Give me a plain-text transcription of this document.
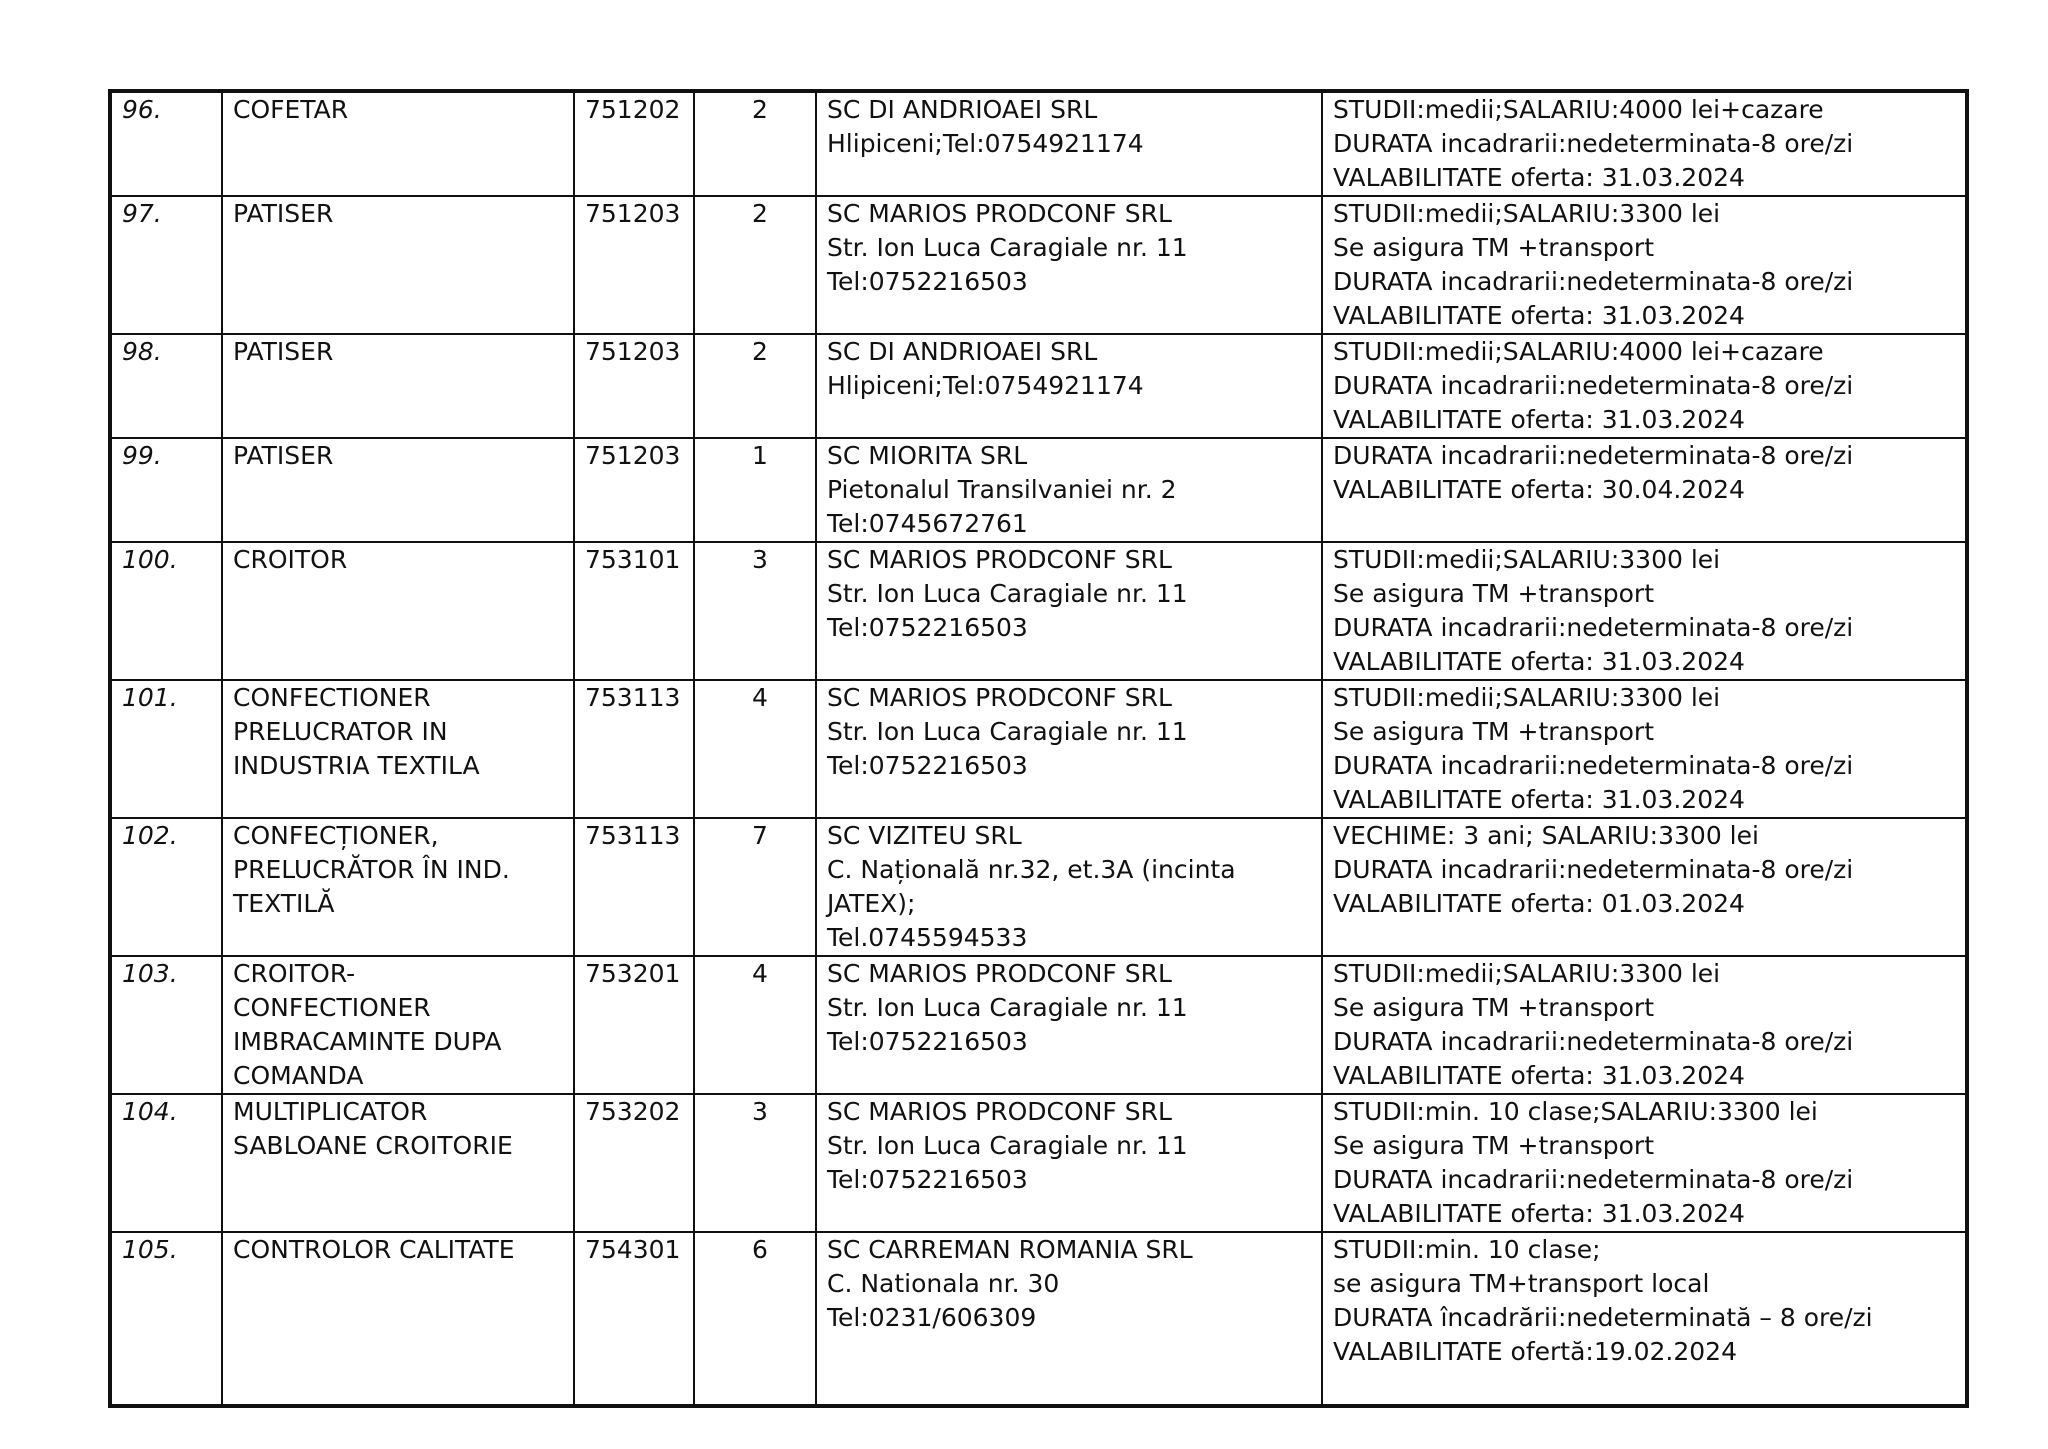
96.	COFETAR	751202	2	SC DI ANDRIOAEI SRL
Hlipiceni;Tel:0754921174	STUDII:medii;SALARIU:4000 lei+cazare
DURATA incadrarii:nedeterminata-8 ore/zi
VALABILITATE oferta: 31.03.2024

97.	PATISER	751203	2	SC MARIOS PRODCONF SRL
Str. Ion Luca Caragiale nr. 11
Tel:0752216503	STUDII:medii;SALARIU:3300 lei
Se asigura TM +transport
DURATA incadrarii:nedeterminata-8 ore/zi
VALABILITATE oferta: 31.03.2024

98.	PATISER	751203	2	SC DI ANDRIOAEI SRL
Hlipiceni;Tel:0754921174	STUDII:medii;SALARIU:4000 lei+cazare
DURATA incadrarii:nedeterminata-8 ore/zi
VALABILITATE oferta: 31.03.2024

99.	PATISER	751203	1	SC MIORITA SRL
Pietonalul Transilvaniei nr. 2
Tel:0745672761	DURATA incadrarii:nedeterminata-8 ore/zi
VALABILITATE oferta: 30.04.2024

100.	CROITOR	753101	3	SC MARIOS PRODCONF SRL
Str. Ion Luca Caragiale nr. 11
Tel:0752216503	STUDII:medii;SALARIU:3300 lei
Se asigura TM +transport
DURATA incadrarii:nedeterminata-8 ore/zi
VALABILITATE oferta: 31.03.2024

101.	CONFECTIONER
PRELUCRATOR IN
INDUSTRIA TEXTILA	753113	4	SC MARIOS PRODCONF SRL
Str. Ion Luca Caragiale nr. 11
Tel:0752216503	STUDII:medii;SALARIU:3300 lei
Se asigura TM +transport
DURATA incadrarii:nedeterminata-8 ore/zi
VALABILITATE oferta: 31.03.2024

102.	CONFECȚIONER,
PRELUCRĂTOR ÎN IND.
TEXTILĂ	753113	7	SC VIZITEU SRL
C. Națională nr.32, et.3A (incinta
JATEX);
Tel.0745594533	VECHIME: 3 ani; SALARIU:3300 lei
DURATA incadrarii:nedeterminata-8 ore/zi
VALABILITATE oferta: 01.03.2024

103.	CROITOR-
CONFECTIONER
IMBRACAMINTE DUPA
COMANDA	753201	4	SC MARIOS PRODCONF SRL
Str. Ion Luca Caragiale nr. 11
Tel:0752216503	STUDII:medii;SALARIU:3300 lei
Se asigura TM +transport
DURATA incadrarii:nedeterminata-8 ore/zi
VALABILITATE oferta: 31.03.2024

104.	MULTIPLICATOR
SABLOANE CROITORIE	753202	3	SC MARIOS PRODCONF SRL
Str. Ion Luca Caragiale nr. 11
Tel:0752216503	STUDII:min. 10 clase;SALARIU:3300 lei
Se asigura TM +transport
DURATA incadrarii:nedeterminata-8 ore/zi
VALABILITATE oferta: 31.03.2024

105.	CONTROLOR CALITATE	754301	6	SC CARREMAN ROMANIA SRL
C. Nationala nr. 30
Tel:0231/606309	STUDII:min. 10 clase;
se asigura TM+transport local
DURATA încadrării:nedeterminată – 8 ore/zi
VALABILITATE ofertă:19.02.2024
